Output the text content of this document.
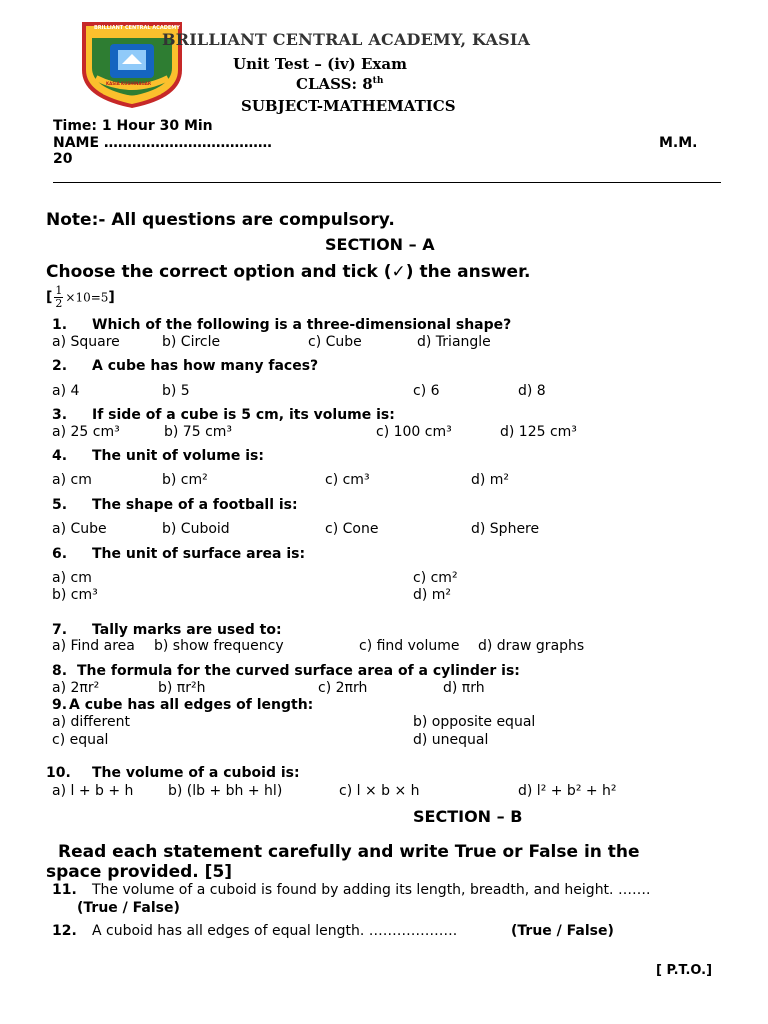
BRILLIANT CENTRAL ACADEMY
KASIA KUSHINAGAR
BRILLIANT CENTRAL ACADEMY, KASIA
Unit Test – (iv) Exam
CLASS: 8th
SUBJECT-MATHEMATICS
Time: 1 Hour 30 Min
NAME ………………………………	M.M.
20
Note:- All questions are compulsory.
SECTION – A
Choose the correct option and tick (✓) the answer.
[ $\frac{1}{2} \times 10=5$]
1. Which of the following is a three-dimensional shape?
a) Square	b) Circle	c) Cube	d) Triangle
2. A cube has how many faces?
a) 4	b) 5	c) 6	d) 8
3. If side of a cube is 5 cm, its volume is:
a) 25 cm³	b) 75 cm³	c) 100 cm³	d) 125 cm³
4. The unit of volume is:
a) cm	b) cm²	c) cm³	d) m²
5. The shape of a football is:
a) Cube	b) Cuboid	c) Cone	d) Sphere
6. The unit of surface area is:
a) cm	c) cm²
b) cm³	d) m²
7. Tally marks are used to:
a) Find area b) show frequency	c) find volume d) draw graphs
8. The formula for the curved surface area of a cylinder is:
a) 2πr²	b) πr²h	c) 2πrh	d) πrh
9. A cube has all edges of length:
a) different	b) opposite equal
c) equal	d) unequal
10. The volume of a cuboid is:
a) l + b + h b) (lb + bh + hl)	c) l × b × h	d) l² + b² + h²
SECTION – B
Read each statement carefully and write True or False in the
space provided. [5]
11. The volume of a cuboid is found by adding its length, breadth, and height. …….
(True / False)
12. A cuboid has all edges of equal length. ……………….	(True / False)
[ P.T.O.]
